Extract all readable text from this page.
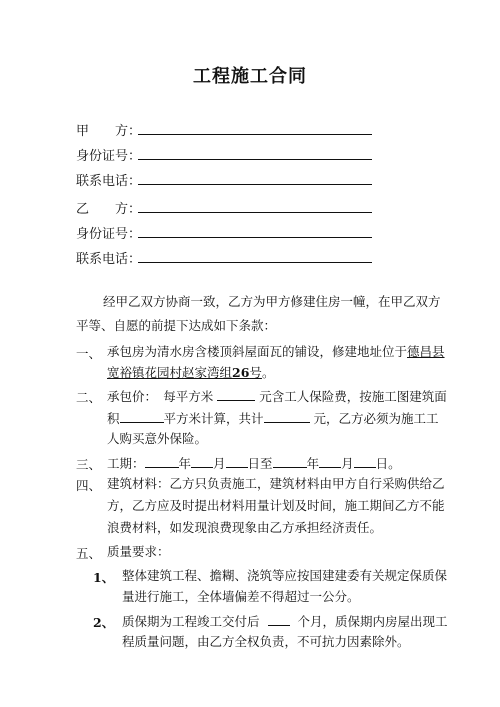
工程施工合同
甲　　方：
身份证号：
联系电话：
乙　　方：
身份证号：
联系电话：
经甲乙双方协商一致，乙方为甲方修建住房一幢，在甲乙双方
平等、自愿的前提下达成如下条款：
一、 承包房为清水房含楼顶斜屋面瓦的铺设，修建地址位于德昌县
宽裕镇花园村赵家湾组26号。
二、 承包价：　每平方米	元含工人保险费，按施工图建筑面
积	平方米计算，共计	元，乙方必须为施工工
人购买意外保险。
三、 工期：	年 月 日至	年 月 日。
四、 建筑材料：乙方只负责施工，建筑材料由甲方自行采购供给乙
方，乙方应及时提出材料用量计划及时间，施工期间乙方不能
浪费材料，如发现浪费现象由乙方承担经济责任。
五、 质量要求：
1、 整体建筑工程、擔糊、浇筑等应按国建建委有关规定保质保
量进行施工，全体墙偏差不得超过一公分。
2、 质保期为工程竣工交付后	个月，质保期内房屋出现工
程质量问题，由乙方全权负责，不可抗力因素除外。
